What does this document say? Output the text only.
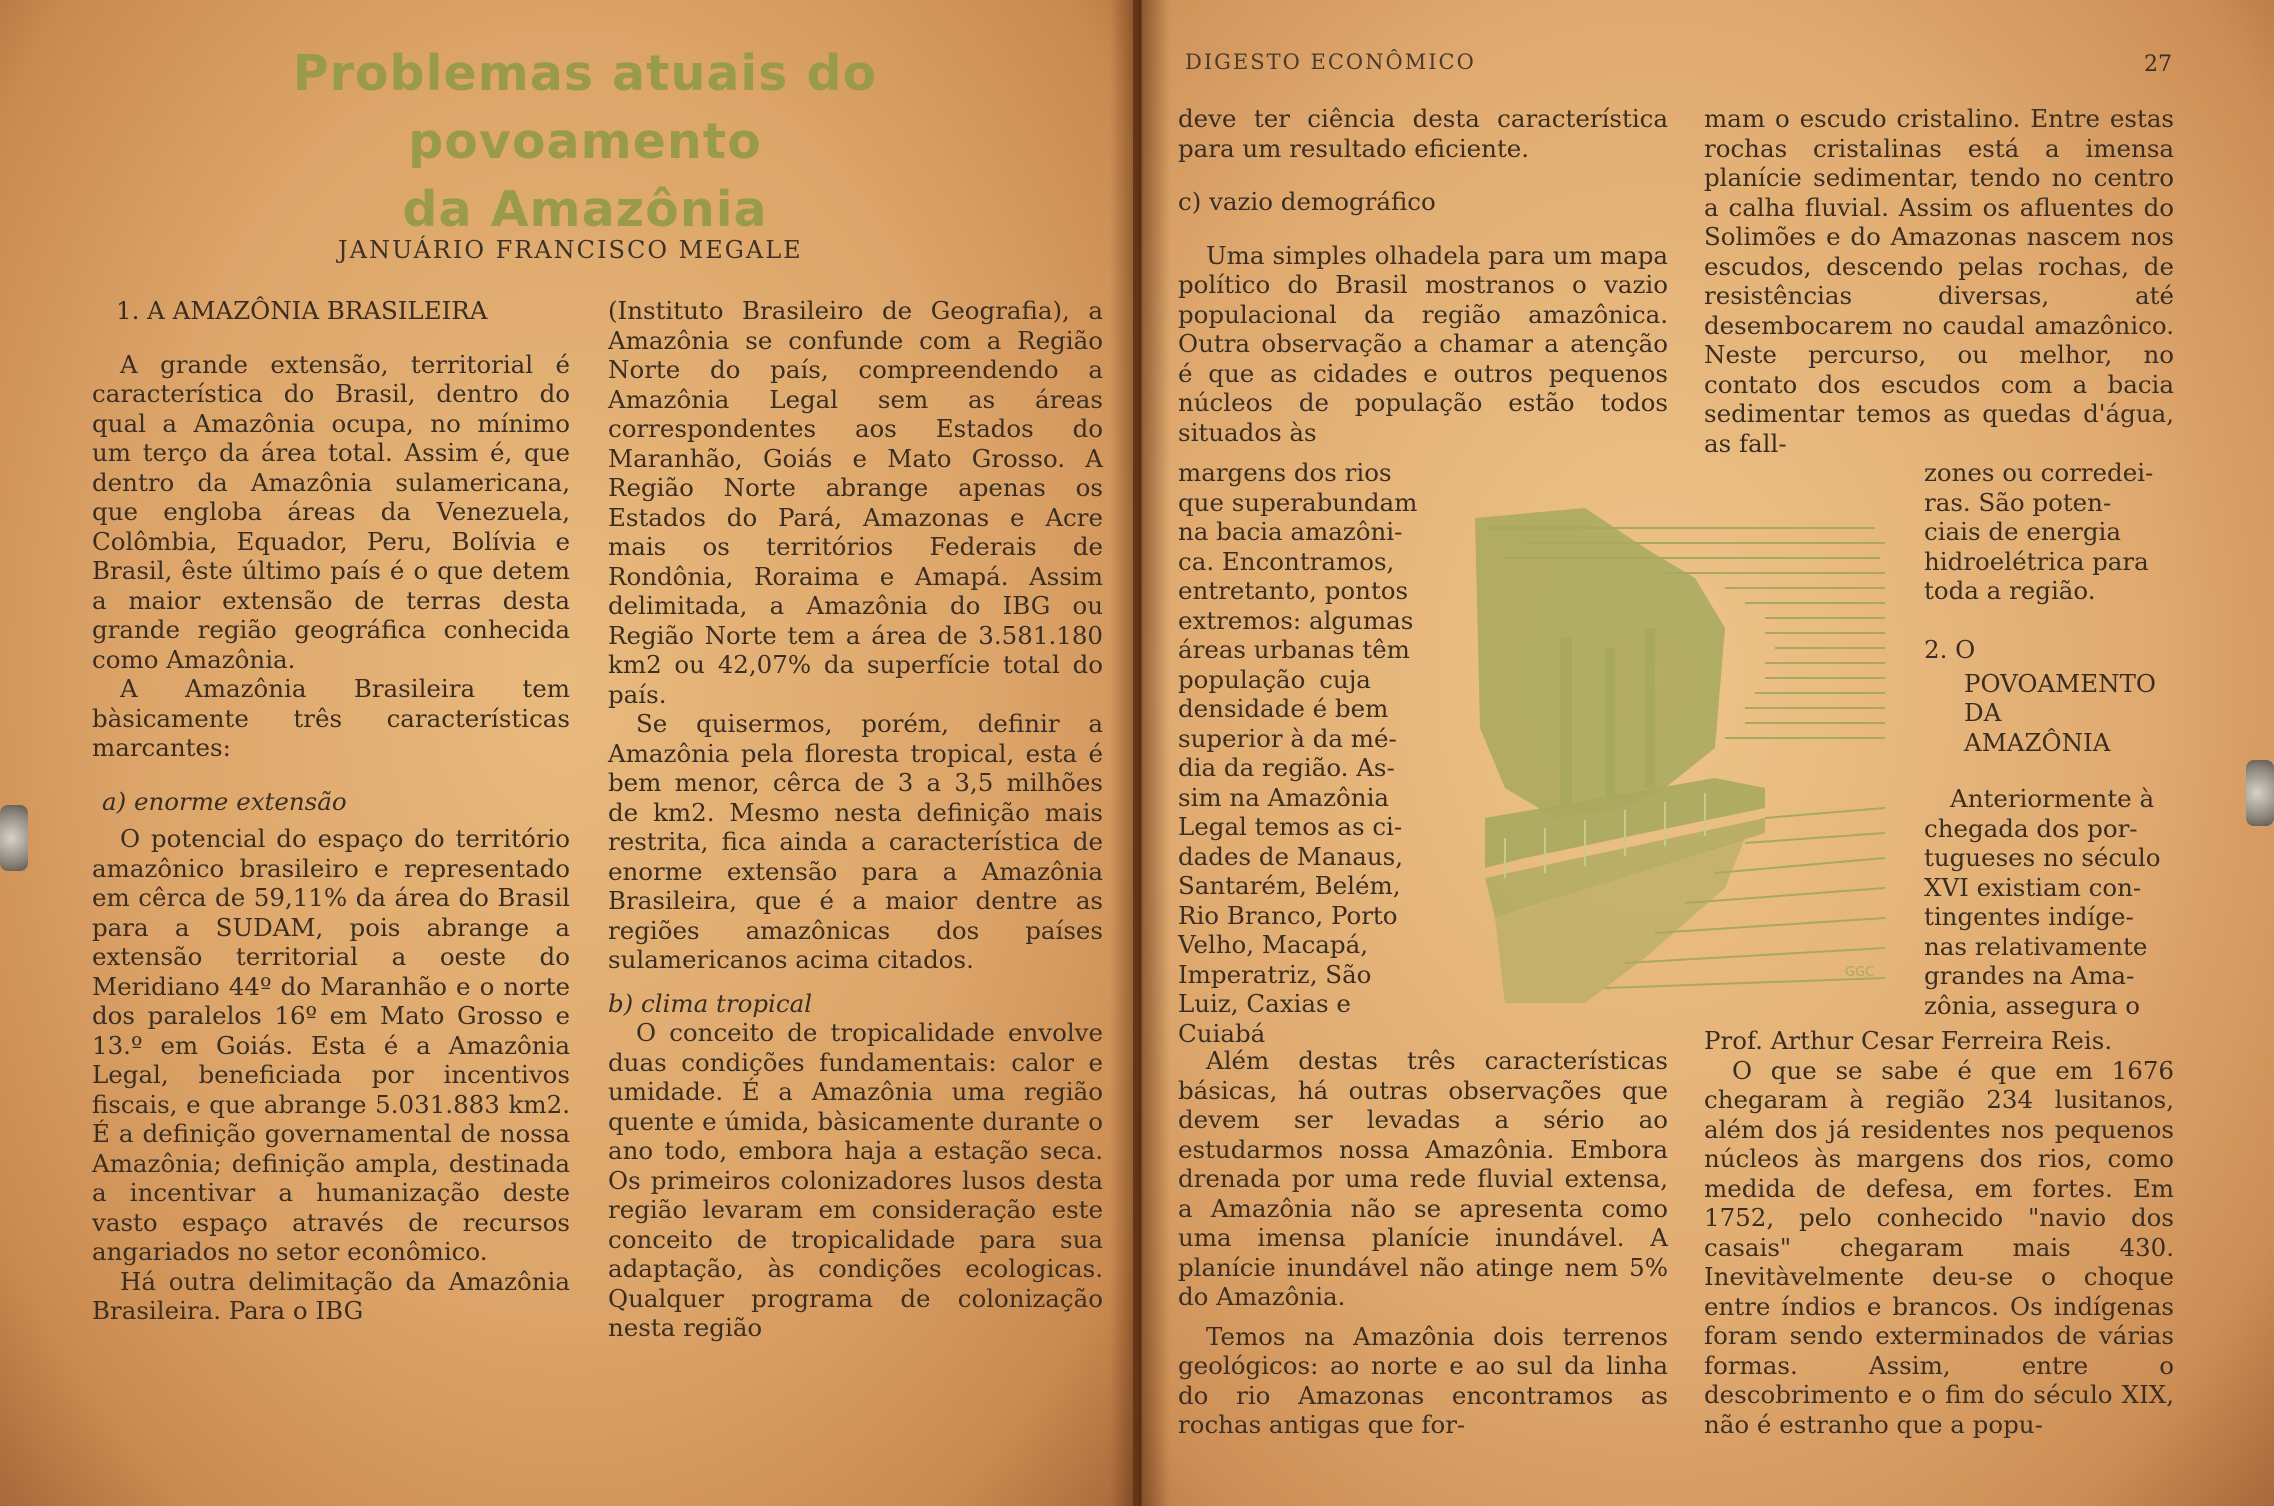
Problemas atuais do povoamento
da Amazônia
JANUÁRIO FRANCISCO MEGALE

1. A AMAZÔNIA BRASILEIRA

A grande extensão, territorial é característica do Brasil, dentro do qual a Amazônia ocupa, no mínimo um terço da área total. Assim é, que dentro da Amazônia sulamericana, que engloba áreas da Venezuela, Colômbia, Equador, Peru, Bolívia e Brasil, êste último país é o que detem a maior extensão de terras desta grande região geográfica conhecida como Amazônia.

A Amazônia Brasileira tem bàsicamente três características marcantes:

a) enorme extensão

O potencial do espaço do território amazônico brasileiro e representado em cêrca de 59,11% da área do Brasil para a SUDAM, pois abrange a extensão territorial a oeste do Meridiano 44º do Maranhão e o norte dos paralelos 16º em Mato Grosso e 13.º em Goiás. Esta é a Amazônia Legal, beneficiada por incentivos fiscais, e que abrange 5.031.883 km2. É a definição governamental de nossa Amazônia; definição ampla, destinada a incentivar a humanização deste vasto espaço através de recursos angariados no setor econômico.

Há outra delimitação da Amazônia Brasileira. Para o IBG

(Instituto Brasileiro de Geografia), a Amazônia se confunde com a Região Norte do país, compreendendo a Amazônia Legal sem as áreas correspondentes aos Estados do Maranhão, Goiás e Mato Grosso. A Região Norte abrange apenas os Estados do Pará, Amazonas e Acre mais os territórios Federais de Rondônia, Roraima e Amapá. Assim delimitada, a Amazônia do IBG ou Região Norte tem a área de 3.581.180 km2 ou 42,07% da superfície total do país.

Se quisermos, porém, definir a Amazônia pela floresta tropical, esta é bem menor, cêrca de 3 a 3,5 milhões de km2. Mesmo nesta definição mais restrita, fica ainda a característica de enorme extensão para a Amazônia Brasileira, que é a maior dentre as regiões amazônicas dos países sulamericanos acima citados.

b) clima tropical

O conceito de tropicalidade envolve duas condições fundamentais: calor e umidade. É a Amazônia uma região quente e úmida, bàsicamente durante o ano todo, embora haja a estação seca. Os primeiros colonizadores lusos desta região levaram em consideração este conceito de tropicalidade para sua adaptação, às condições ecologicas. Qualquer programa de colonização nesta região

DIGESTO ECONÔMICO	27

deve ter ciência desta característica para um resultado eficiente.

c) vazio demográfico

Uma simples olhadela para um mapa político do Brasil mostranos o vazio populacional da região amazônica. Outra observação a chamar a atenção é que as cidades e outros pequenos núcleos de população estão todos situados às

margens dos rios
que superabundam
na bacia amazôni-
ca. Encontramos,
entretanto, pontos
extremos: algumas
áreas urbanas têm
população cuja
densidade é bem
superior à da mé-
dia da região. As-
sim na Amazônia
Legal temos as ci-
dades de Manaus,
Santarém, Belém,
Rio Branco, Porto
Velho, Macapá,
Imperatriz, São
Luiz, Caxias e
Cuiabá

Além destas três características básicas, há outras observações que devem ser levadas a sério ao estudarmos nossa Amazônia. Embora drenada por uma rede fluvial extensa, a Amazônia não se apresenta como uma imensa planície inundável. A planície inundável não atinge nem 5% do Amazônia.

Temos na Amazônia dois terrenos geológicos: ao norte e ao sul da linha do rio Amazonas encontramos as rochas antigas que for-

GGC

mam o escudo cristalino. Entre estas rochas cristalinas está a imensa planície sedimentar, tendo no centro a calha fluvial. Assim os afluentes do Solimões e do Amazonas nascem nos escudos, descendo pelas rochas, de resistências diversas, até desembocarem no caudal amazônico. Neste percurso, ou melhor, no contato dos escudos com a bacia sedimentar temos as quedas d'água, as fall-

zones ou corredei-
ras. São poten-
ciais de energia
hidroelétrica para
toda a região.
2. O
POVOAMENTO
DA
AMAZÔNIA
Anteriormente à
chegada dos por-
tugueses no século
XVI existiam con-
tingentes indíge-
nas relativamente
grandes na Ama-
zônia, assegura o

Prof. Arthur Cesar Ferreira Reis.

O que se sabe é que em 1676 chegaram à região 234 lusitanos, além dos já residentes nos pequenos núcleos às margens dos rios, como medida de defesa, em fortes. Em 1752, pelo conhecido "navio dos casais" chegaram mais 430. Inevitàvelmente deu-se o choque entre índios e brancos. Os indígenas foram sendo exterminados de várias formas. Assim, entre o descobrimento e o fim do século XIX, não é estranho que a popu-
